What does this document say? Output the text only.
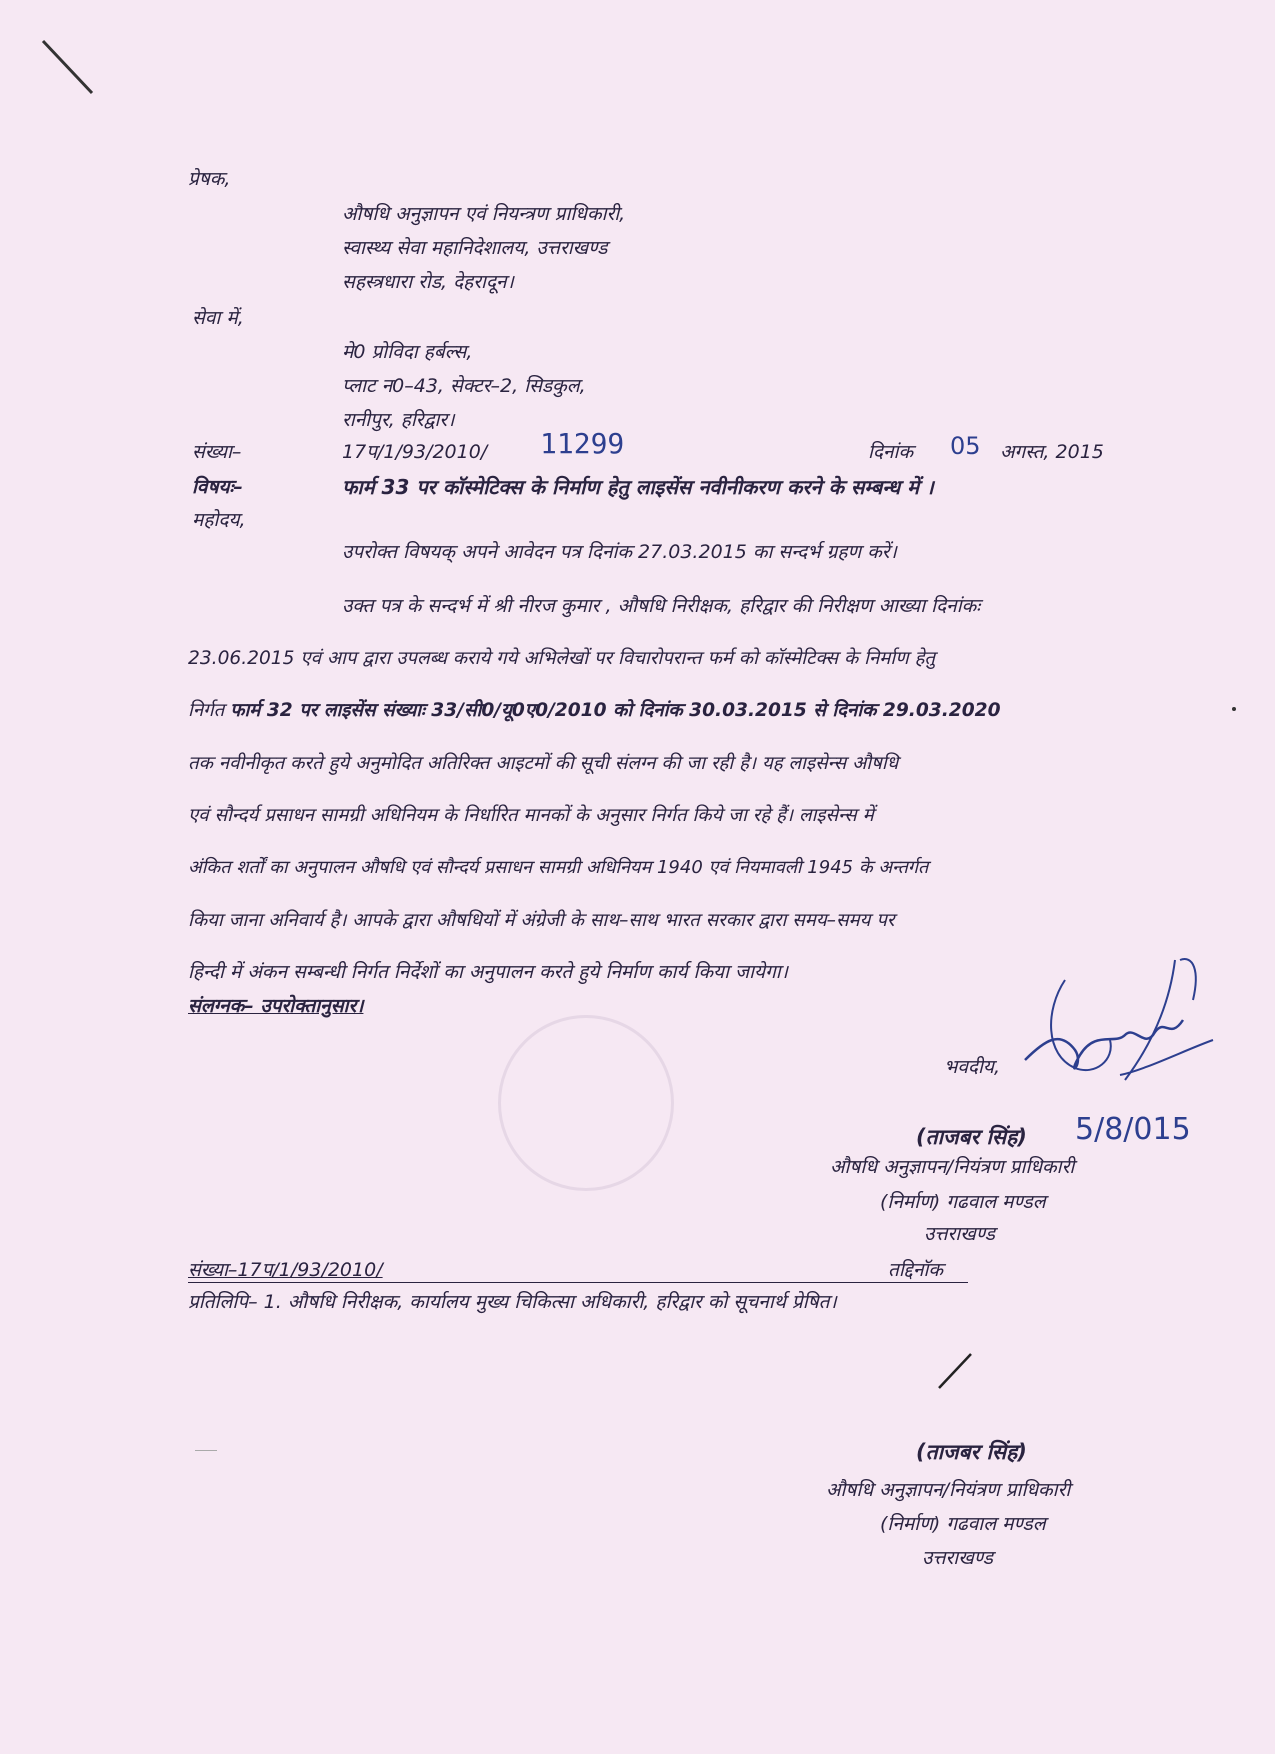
प्रेषक,
औषधि अनुज्ञापन एवं नियन्त्रण प्राधिकारी,
स्वास्थ्य सेवा महानिदेशालय, उत्तराखण्ड
सहस्त्रधारा रोड, देहरादून।
सेवा में,
मे0 प्रोविदा हर्बल्स,
प्लाट न0–43, सेक्टर–2, सिडकुल,
रानीपुर, हरिद्वार।
संख्या–	17प/1/93/2010/ 11299	दिनांक 05 अगस्त, 2015
विषयः–	फार्म 33 पर कॉस्मेटिक्स के निर्माण हेतु लाइसेंस नवीनीकरण करने के सम्बन्ध में ।
महोदय,
उपरोक्त विषयक् अपने आवेदन पत्र दिनांक 27.03.2015 का सन्दर्भ ग्रहण करें।
उक्त पत्र के सन्दर्भ में श्री नीरज कुमार , औषधि निरीक्षक, हरिद्वार की निरीक्षण आख्या दिनांकः
23.06.2015 एवं आप द्वारा उपलब्ध कराये गये अभिलेखों पर विचारोपरान्त फर्म को कॉस्मेटिक्स के निर्माण हेतु
निर्गत फार्म 32 पर लाइसेंस संख्याः 33/सी0/यू0ए0/2010 को दिनांक 30.03.2015 से दिनांक 29.03.2020
तक नवीनीकृत करते हुये अनुमोदित अतिरिक्त आइटमों की सूची संलग्न की जा रही है। यह लाइसेन्स औषधि
एवं सौन्दर्य प्रसाधन सामग्री अधिनियम के निर्धारित मानकों के अनुसार निर्गत किये जा रहे हैं। लाइसेन्स में
अंकित शर्तों का अनुपालन औषधि एवं सौन्दर्य प्रसाधन सामग्री अधिनियम 1940 एवं नियमावली 1945 के अन्तर्गत
किया जाना अनिवार्य है। आपके द्वारा औषधियों में अंग्रेजी के साथ–साथ भारत सरकार द्वारा समय–समय पर
हिन्दी में अंकन सम्बन्धी निर्गत निर्देशों का अनुपालन करते हुये निर्माण कार्य किया जायेगा।
संलग्नक– उपरोक्तानुसार।
भवदीय,
(ताजबर सिंह) 5/8/015
औषधि अनुज्ञापन/नियंत्रण प्राधिकारी
(निर्माण) गढवाल मण्डल
उत्तराखण्ड
संख्या–17प/1/93/2010/	तद्दिनॉक
प्रतिलिपि– 1. औषधि निरीक्षक, कार्यालय मुख्य चिकित्सा अधिकारी, हरिद्वार को सूचनार्थ प्रेषित।
(ताजबर सिंह)
औषधि अनुज्ञापन/नियंत्रण प्राधिकारी
(निर्माण) गढवाल मण्डल
उत्तराखण्ड
